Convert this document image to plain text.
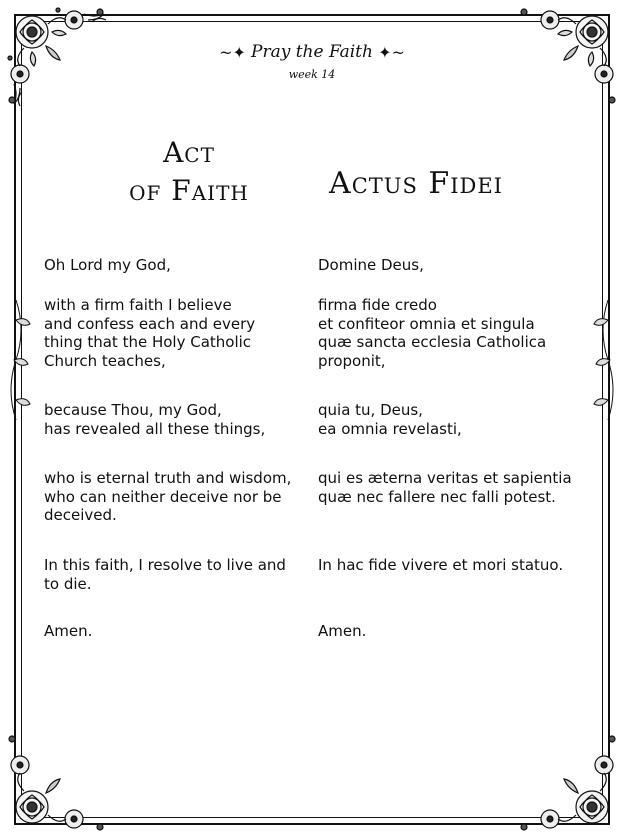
~✦ Pray the Faith ✦~
week 14
Act
of Faith	Actus Fidei

Oh Lord my God,

with a firm faith I believe
and confess each and every
thing that the Holy Catholic
Church teaches,

because Thou, my God,
has revealed all these things,

who is eternal truth and wisdom,
who can neither deceive nor be
deceived.

In this faith, I resolve to live and
to die.

Amen.

Domine Deus,

firma fide credo
et confiteor omnia et singula
quæ sancta ecclesia Catholica
proponit,

quia tu, Deus,
ea omnia revelasti,

qui es æterna veritas et sapientia
quæ nec fallere nec falli potest.

In hac fide vivere et mori statuo.

Amen.
